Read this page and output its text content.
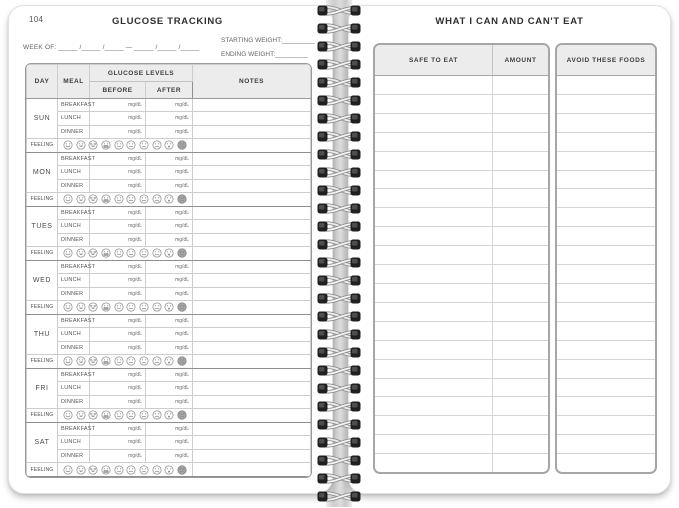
104	GLUCOSE TRACKING
WEEK OF: _____ /_____ /_____ — _____ /_____ /_____
STARTING WEIGHT:_________
ENDING WEIGHT:_________
DAY	MEAL	GLUCOSE LEVELS		NOTES
		BEFORE	AFTER	
SUN	BREAKFAST	mg/dL	mg/dL	
	LUNCH	mg/dL	mg/dL	
	DINNER	mg/dL	mg/dL	
FEELING	

MON	BREAKFAST	mg/dL	mg/dL	
	LUNCH	mg/dL	mg/dL	
	DINNER	mg/dL	mg/dL	
FEELING	

TUES	BREAKFAST	mg/dL	mg/dL	
	LUNCH	mg/dL	mg/dL	
	DINNER	mg/dL	mg/dL	
FEELING	

WED	BREAKFAST	mg/dL	mg/dL	
	LUNCH	mg/dL	mg/dL	
	DINNER	mg/dL	mg/dL	
FEELING	

THU	BREAKFAST	mg/dL	mg/dL	
	LUNCH	mg/dL	mg/dL	
	DINNER	mg/dL	mg/dL	
FEELING	

FRI	BREAKFAST	mg/dL	mg/dL	
	LUNCH	mg/dL	mg/dL	
	DINNER	mg/dL	mg/dL	
FEELING	

SAT	BREAKFAST	mg/dL	mg/dL	
	LUNCH	mg/dL	mg/dL	
	DINNER	mg/dL	mg/dL	
FEELING	

WHAT I CAN AND CAN'T EAT
SAFE TO EAT	AMOUNT	AVOID THESE FOODS
